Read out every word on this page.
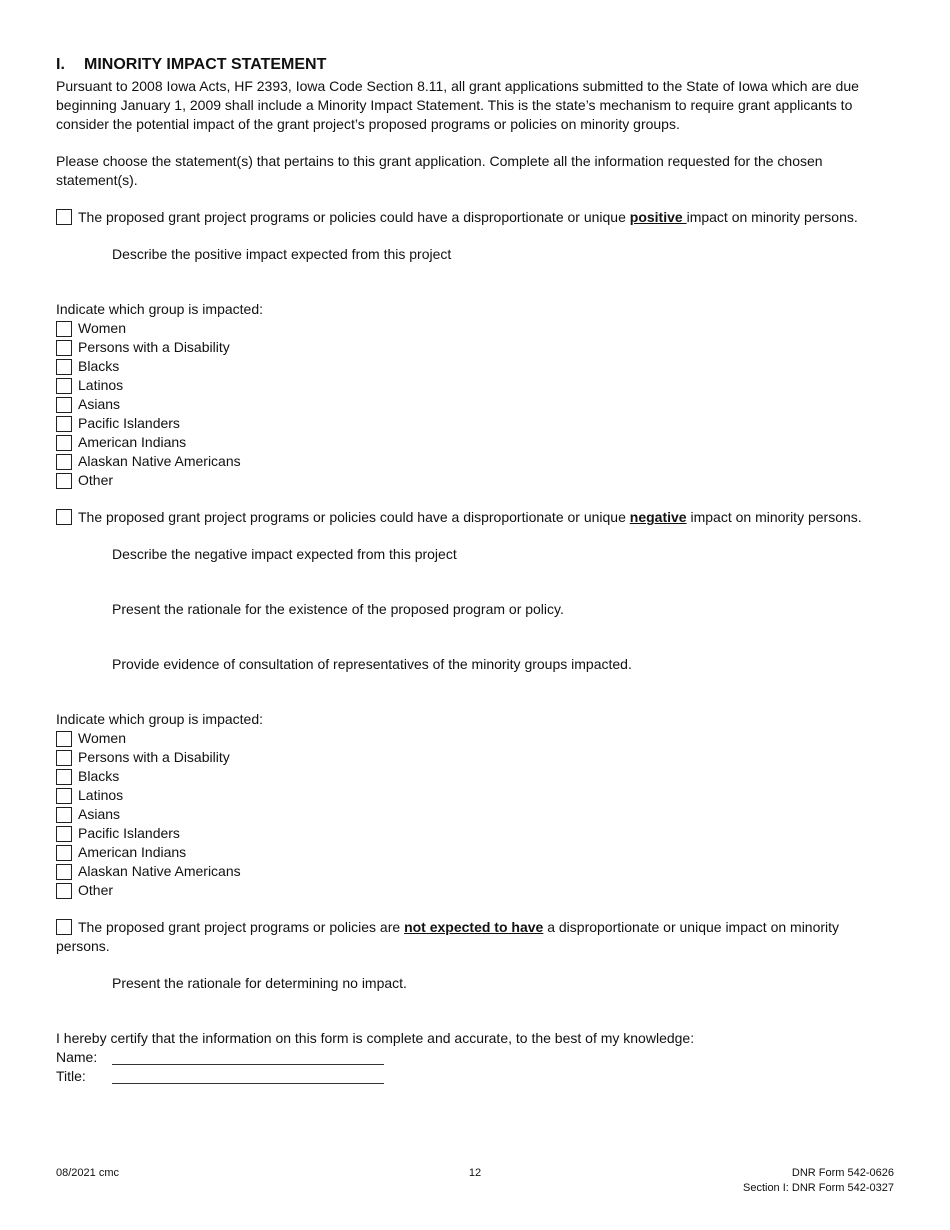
I. MINORITY IMPACT STATEMENT

Pursuant to 2008 Iowa Acts, HF 2393, Iowa Code Section 8.11, all grant applications submitted to the State of Iowa which are due beginning January 1, 2009 shall include a Minority Impact Statement. This is the state’s mechanism to require grant applicants to consider the potential impact of the grant project’s proposed programs or policies on minority groups.

Please choose the statement(s) that pertains to this grant application. Complete all the information requested for the chosen statement(s).

The proposed grant project programs or policies could have a disproportionate or unique positive impact on minority persons.
Describe the positive impact expected from this project

Indicate which group is impacted:

Women
Persons with a Disability
Blacks
Latinos
Asians
Pacific Islanders
American Indians
Alaskan Native Americans
Other
The proposed grant project programs or policies could have a disproportionate or unique negative impact on minority persons.
Describe the negative impact expected from this project
Present the rationale for the existence of the proposed program or policy.
Provide evidence of consultation of representatives of the minority groups impacted.

Indicate which group is impacted:

Women
Persons with a Disability
Blacks
Latinos
Asians
Pacific Islanders
American Indians
Alaskan Native Americans
Other
The proposed grant project programs or policies are not expected to have a disproportionate or unique impact on minority persons.
Present the rationale for determining no impact.

I hereby certify that the information on this form is complete and accurate, to the best of my knowledge:

Name:
Title:
08/2021 cmc	12	DNR Form 542-0626
Section I: DNR Form 542-0327
